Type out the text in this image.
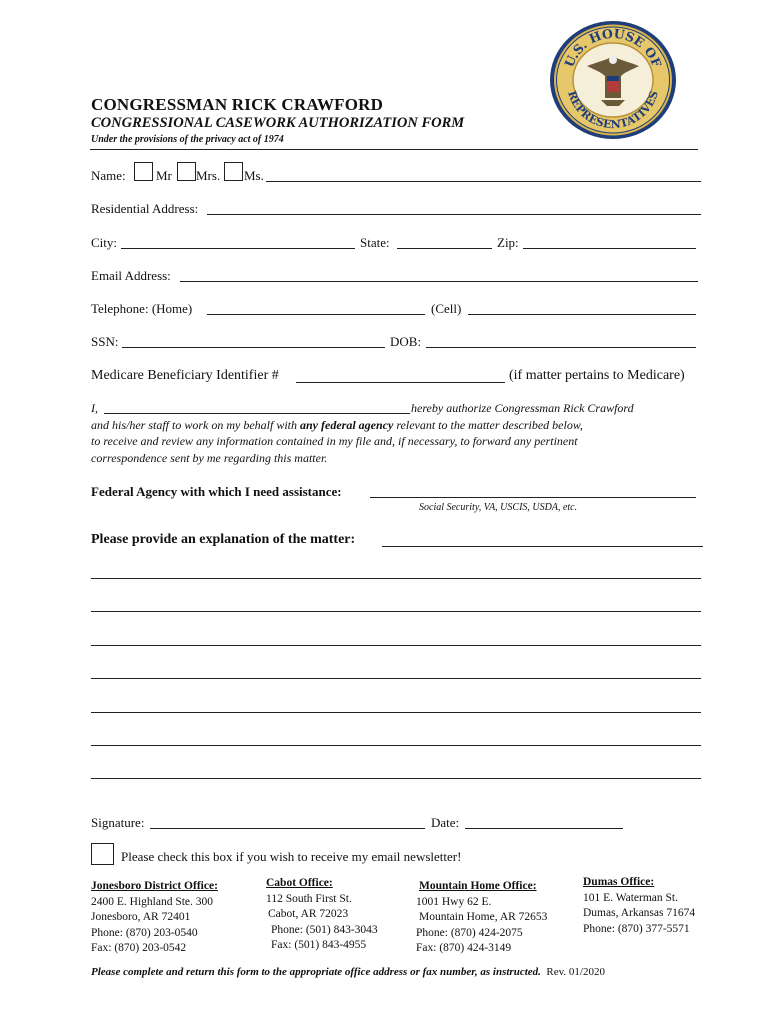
U.S. HOUSE OF
REPRESENTATIVES
CONGRESSMAN RICK CRAWFORD
CONGRESSIONAL CASEWORK AUTHORIZATION FORM
Under the provisions of the privacy act of 1974
Name: Mr Mrs. Ms.
Residential Address:
City:	State:	Zip:
Email Address:
Telephone: (Home)	(Cell)
SSN:	DOB:
Medicare Beneficiary Identifier #	(if matter pertains to Medicare)
I,	hereby authorize Congressman Rick Crawford
and his/her staff to work on my behalf with any federal agency relevant to the matter described below,
to receive and review any information contained in my file and, if necessary, to forward any pertinent
correspondence sent by me regarding this matter.
Federal Agency with which I need assistance:
Social Security, VA, USCIS, USDA, etc.
Please provide an explanation of the matter:
Signature:	Date:
Please check this box if you wish to receive my email newsletter!
Jonesboro District Office:
2400 E. Highland Ste. 300
Jonesboro, AR 72401
Phone: (870) 203-0540
Fax: (870) 203-0542
Cabot Office:
112 South First St.
Cabot, AR 72023
Phone: (501) 843-3043
Fax: (501) 843-4955
Mountain Home Office:
1001 Hwy 62 E.
Mountain Home, AR 72653
Phone: (870) 424-2075
Fax: (870) 424-3149
Dumas Office:
101 E. Waterman St.
Dumas, Arkansas 71674
Phone: (870) 377-5571
Please complete and return this form to the appropriate office address or fax number, as instructed. Rev. 01/2020
